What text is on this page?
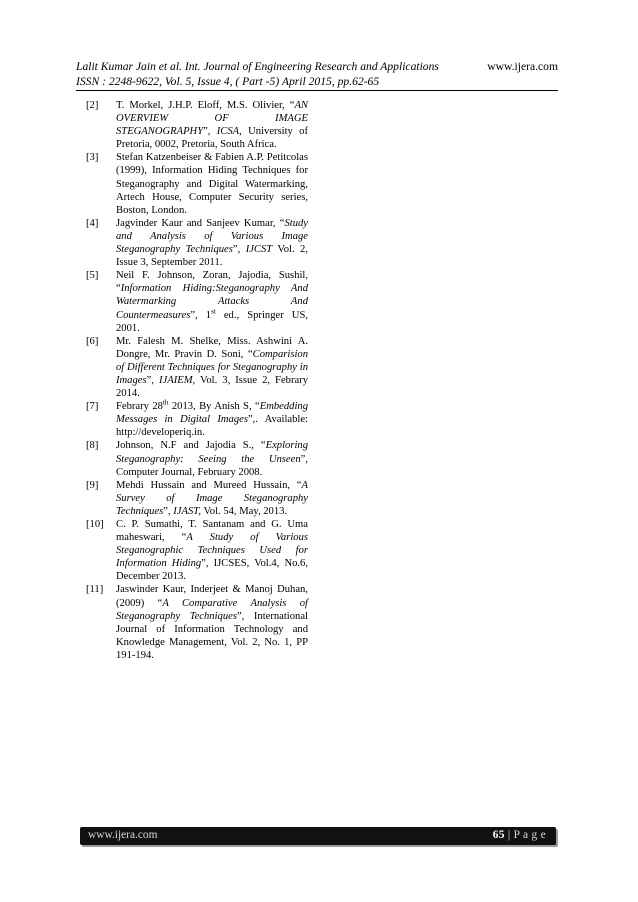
Lalit Kumar Jain et al. Int. Journal of Engineering Research and Applications	www.ijera.com
ISSN : 2248-9622, Vol. 5, Issue 4, ( Part -5) April 2015, pp.62-65
[2] T. Morkel, J.H.P. Eloff, M.S. Olivier, “AN OVERVIEW OF IMAGE STEGANOGRAPHY”, ICSA, University of Pretoria, 0002, Pretoria, South Africa.
[3] Stefan Katzenbeiser & Fabien A.P. Petitcolas (1999), Information Hiding Techniques for Steganography and Digital Watermarking, Artech House, Computer Security series, Boston, London.
[4] Jagvinder Kaur and Sanjeev Kumar, “Study and Analysis of Various Image Steganography Techniques”, IJCST Vol. 2, Issue 3, September 2011.
[5] Neil F. Johnson, Zoran, Jajodia, Sushil, “Information Hiding:Steganography And Watermarking Attacks And Countermeasures”, 1st ed., Springer US, 2001.
[6] Mr. Falesh M. Shelke, Miss. Ashwini A. Dongre, Mr. Pravin D. Soni, “Comparision of Different Techniques for Steganography in Images”, IJAIEM, Vol. 3, Issue 2, Febrary 2014.
[7] Febrary 28th 2013, By Anish S, “Embedding Messages in Digital Images”,. Available: http://developeriq.in.
[8] Johnson, N.F and Jajodia S., “Exploring Steganography: Seeing the Unseen”, Computer Journal, February 2008.
[9] Mehdi Hussain and Mureed Hussain, “A Survey of Image Steganography Techniques”, IJAST, Vol. 54, May, 2013.
[10] C. P. Sumathi, T. Santanam and G. Uma maheswari, “A Study of Various Steganographic Techniques Used for Information Hiding”, IJCSES, Vol.4, No.6, December 2013.
[11] Jaswinder Kaur, Inderjeet & Manoj Duhan, (2009) “A Comparative Analysis of Steganography Techniques”, International Journal of Information Technology and Knowledge Management, Vol. 2, No. 1, PP 191-194.
www.ijera.com	65 | P a g e
